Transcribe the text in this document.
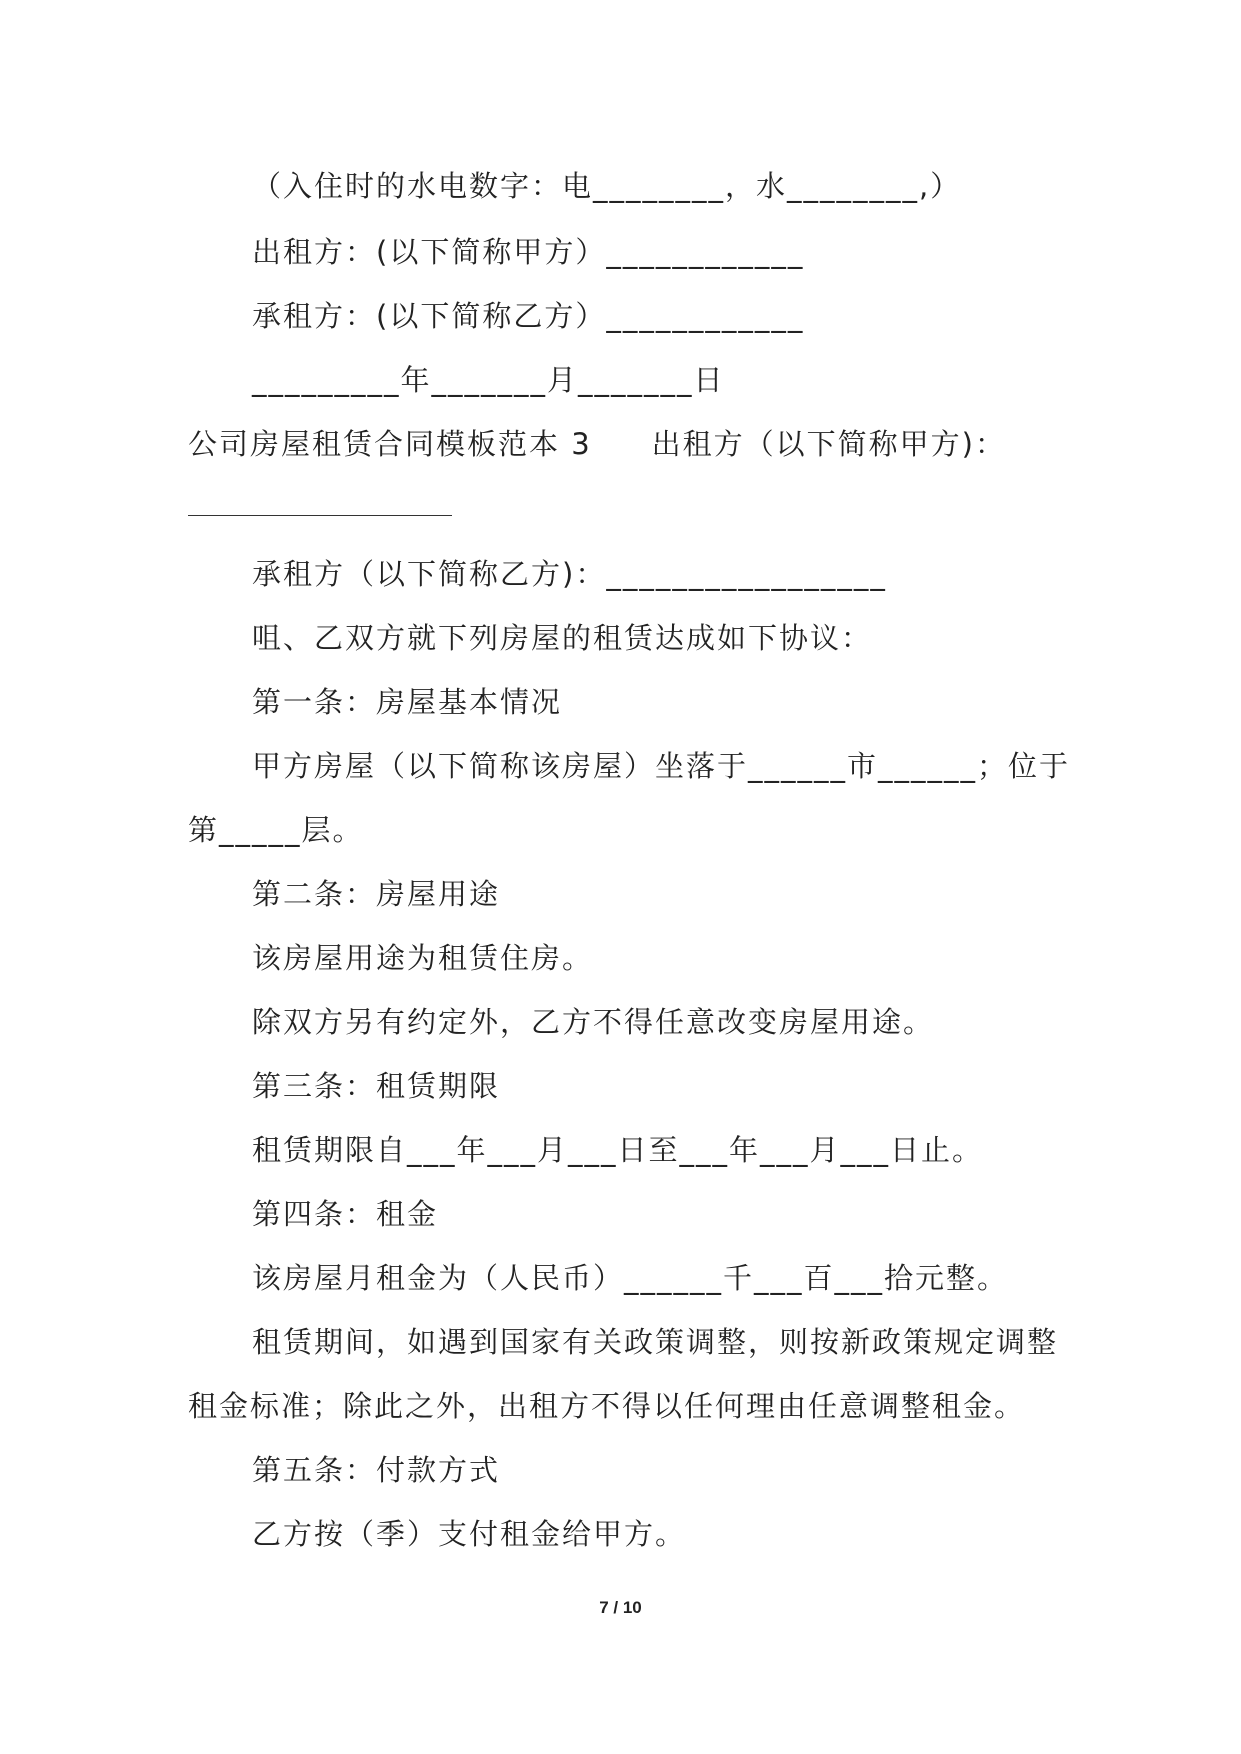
（入住时的水电数字：电________，水________,）
出租方：(以下简称甲方）____________
承租方：(以下简称乙方）____________
_________年_______月_______日
公司房屋租赁合同模板范本 3 出租方（以下简称甲方)：
承租方（以下简称乙方)：_________________
咀、乙双方就下列房屋的租赁达成如下协议：
第一条：房屋基本情况
甲方房屋（以下简称该房屋）坐落于______市______；位于
第_____层。
第二条：房屋用途
该房屋用途为租赁住房。
除双方另有约定外，乙方不得任意改变房屋用途。
第三条：租赁期限
租赁期限自___年___月___日至___年___月___日止。
第四条：租金
该房屋月租金为（人民币）______千___百___拾元整。
租赁期间，如遇到国家有关政策调整，则按新政策规定调整
租金标准；除此之外，出租方不得以任何理由任意调整租金。
第五条：付款方式
乙方按（季）支付租金给甲方。
7 / 10
